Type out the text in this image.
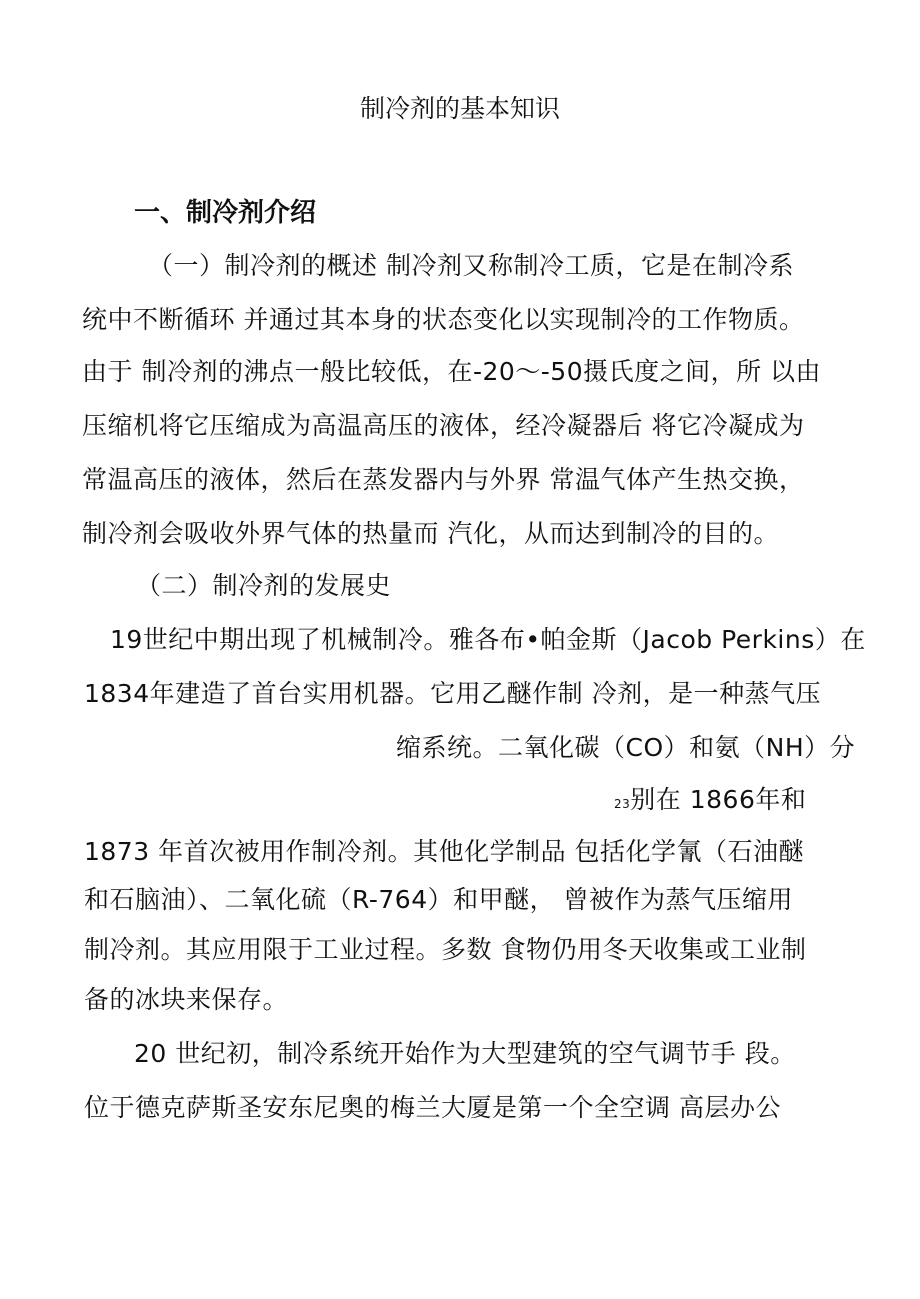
制冷剂的基本知识
一、制冷剂介绍
（一）制冷剂的概述 制冷剂又称制冷工质，它是在制冷系
统中不断循环 并通过其本身的状态变化以实现制冷的工作物质。
由于 制冷剂的沸点一般比较低，在-20〜-50摄氏度之间，所 以由
压缩机将它压缩成为高温高压的液体，经冷凝器后 将它冷凝成为
常温高压的液体，然后在蒸发器内与外界 常温气体产生热交换，
制冷剂会吸收外界气体的热量而 汽化，从而达到制冷的目的。
（二）制冷剂的发展史
19世纪中期出现了机械制冷。雅各布•帕金斯（Jacob Perkins）在
1834年建造了首台实用机器。它用乙醚作制 冷剂，是一种蒸气压
缩系统。二氧化碳（CO）和氨（NH）分
23别在 1866年和
1873 年首次被用作制冷剂。其他化学制品 包括化学氰（石油醚
和石脑油）、二氧化硫（R-764）和甲醚， 曾被作为蒸气压缩用
制冷剂。其应用限于工业过程。多数 食物仍用冬天收集或工业制
备的冰块来保存。
20 世纪初，制冷系统开始作为大型建筑的空气调节手 段。
位于德克萨斯圣安东尼奥的梅兰大厦是第一个全空调 高层办公
